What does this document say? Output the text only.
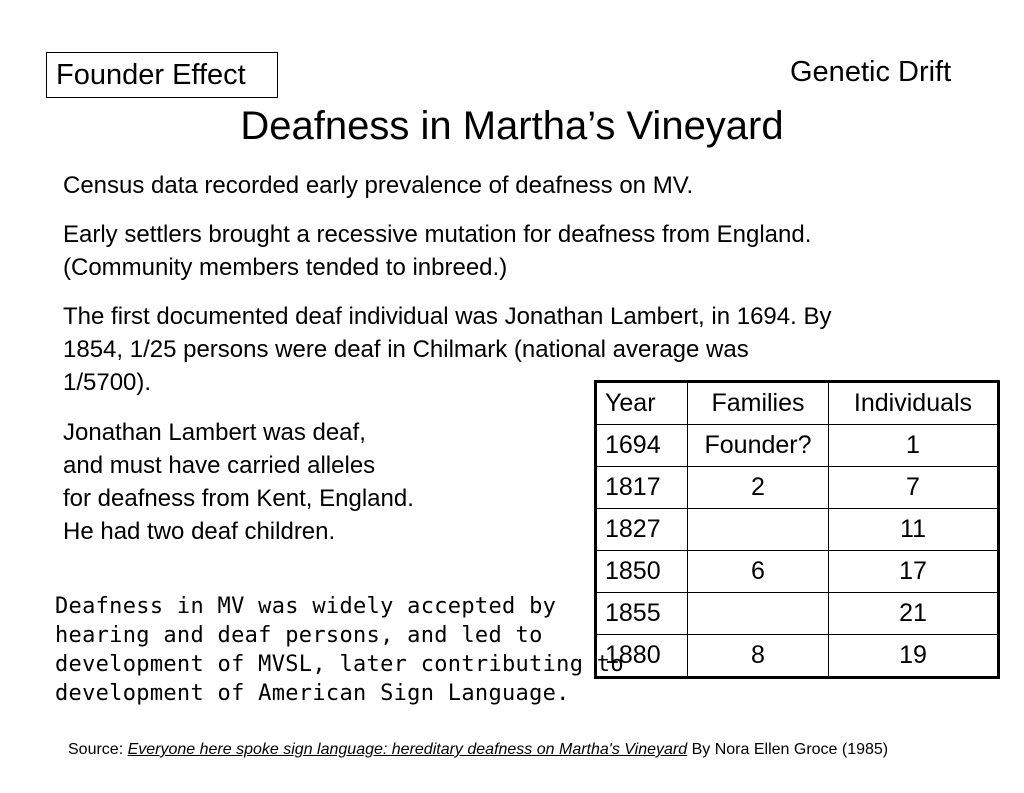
Founder Effect	Genetic Drift
Deafness in Martha’s Vineyard
Census data recorded early prevalence of deafness on MV.
Early settlers brought a recessive mutation for deafness from England.
(Community members tended to inbreed.)
The first documented deaf individual was Jonathan Lambert, in 1694. By
1854, 1/25 persons were deaf in Chilmark (national average was
1/5700).
Jonathan Lambert was deaf,
and must have carried alleles
for deafness from Kent, England.
He had two deaf children.
Deafness in MV was widely accepted by
hearing and deaf persons, and led to
development of MVSL, later contributing to
development of American Sign Language.
Year	Families	Individuals
1694	Founder?	1
1817	2	7
1827		11
1850	6	17
1855		21
1880	8	19
Source: Everyone here spoke sign language: hereditary deafness on Martha's Vineyard By Nora Ellen Groce (1985)
